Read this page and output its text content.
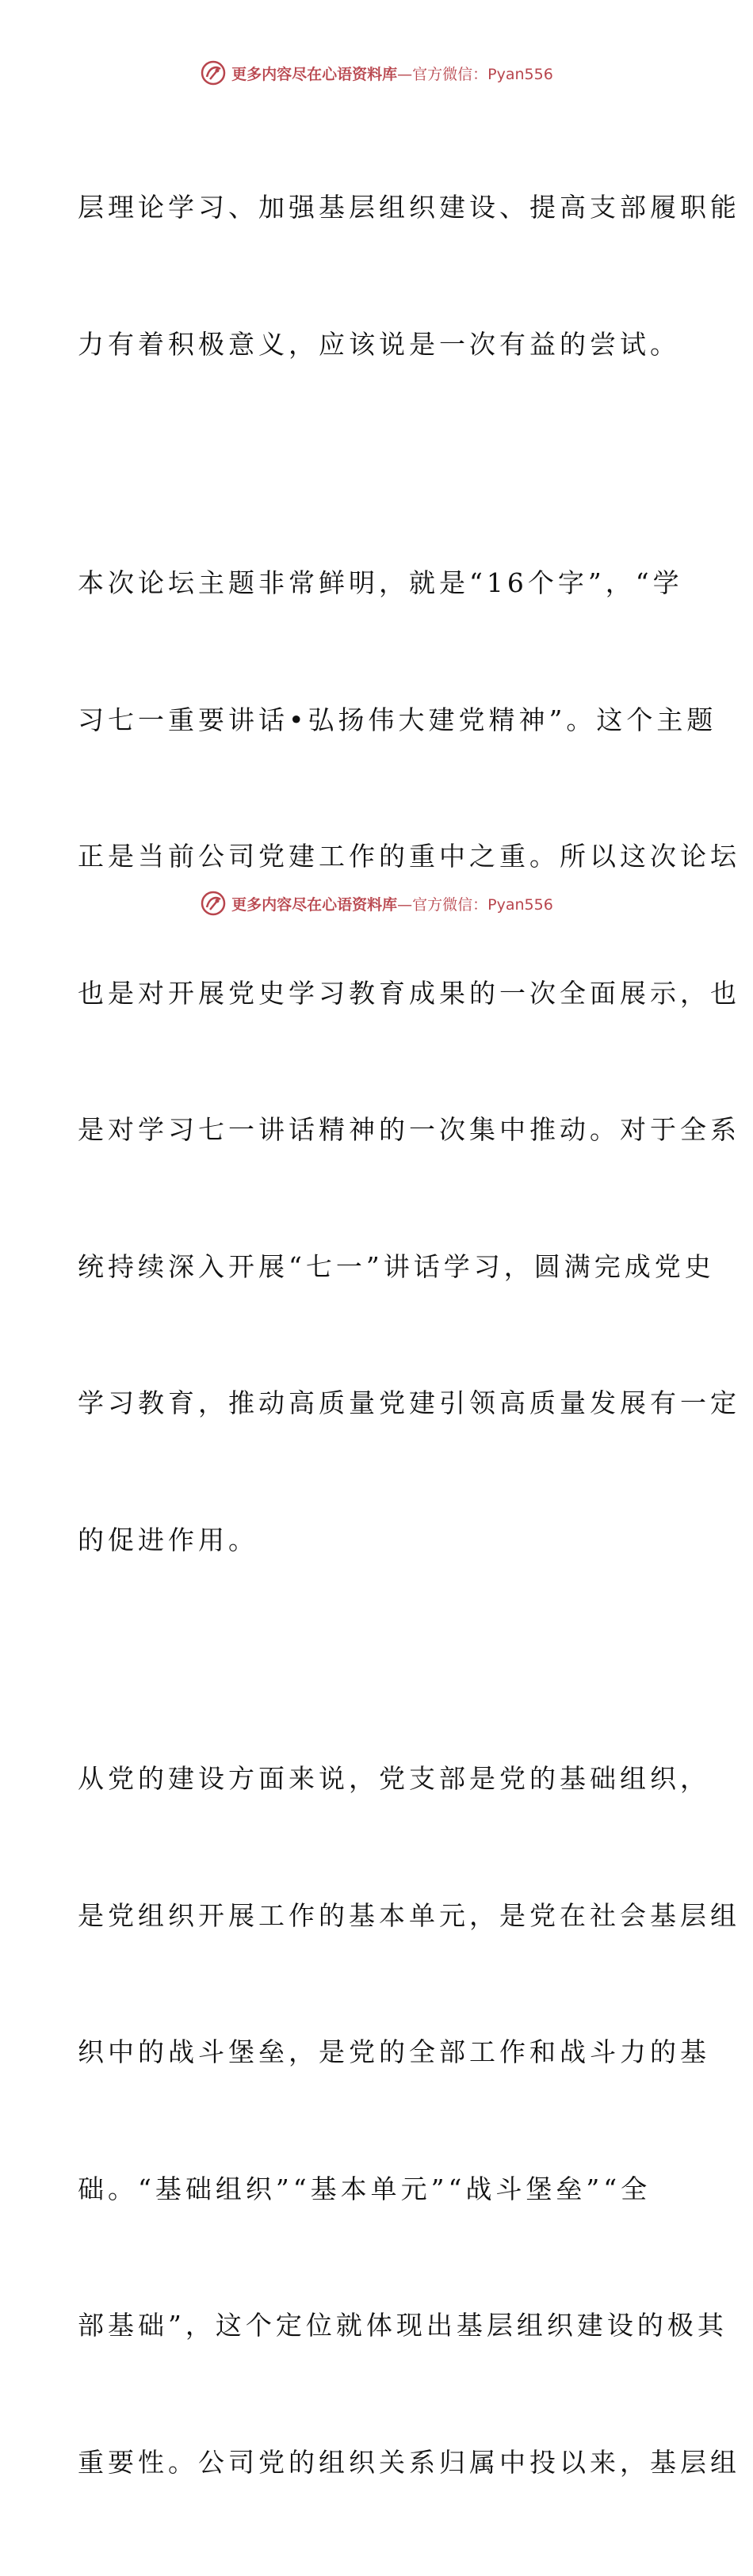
更多内容尽在心语资料库—官方微信：Pyan556

层理论学习、加强基层组织建设、提高支部履职能

力有着积极意义，应该说是一次有益的尝试。

本次论坛主题非常鲜明，就是“16个字”，“学

习七一重要讲话•弘扬伟大建党精神”。这个主题

正是当前公司党建工作的重中之重。所以这次论坛

也是对开展党史学习教育成果的一次全面展示，也

是对学习七一讲话精神的一次集中推动。对于全系

统持续深入开展“七一”讲话学习，圆满完成党史

学习教育，推动高质量党建引领高质量发展有一定

的促进作用。

从党的建设方面来说，党支部是党的基础组织，

是党组织开展工作的基本单元，是党在社会基层组

织中的战斗堡垒，是党的全部工作和战斗力的基

础。“基础组织”“基本单元”“战斗堡垒”“全

部基础”，这个定位就体现出基层组织建设的极其

重要性。公司党的组织关系归属中投以来，基层组

更多内容尽在心语资料库—官方微信：Pyan556
